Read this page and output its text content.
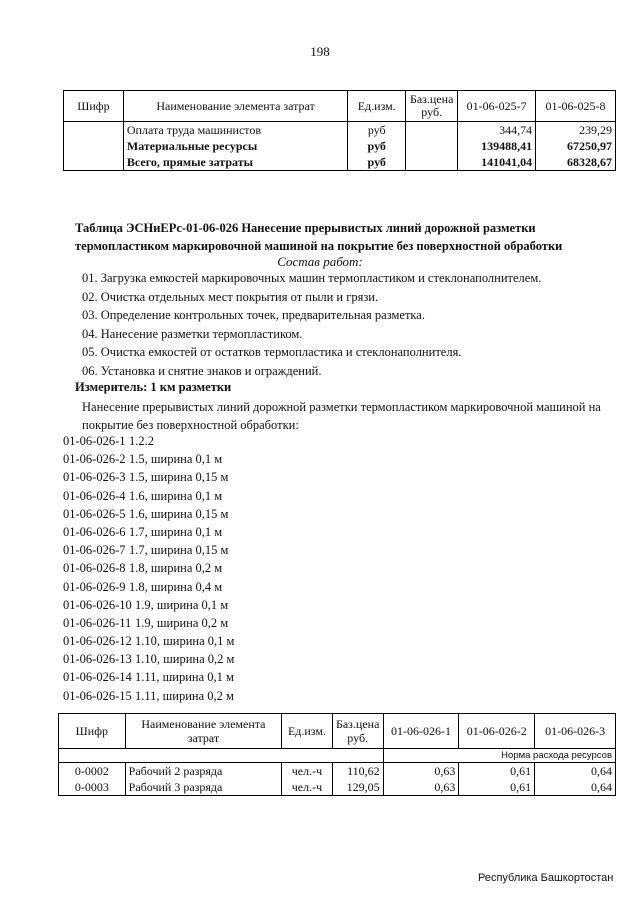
198
Шифр	Наименование элемента затрат	Ед.изм.	Баз.цена руб.	01-06-025-7	01-06-025-8
	Оплата труда машинистов	руб		344,74	239,29
	Материальные ресурсы	руб		139488,41	67250,97
	Всего, прямые затраты	руб		141041,04	68328,67
Таблица ЭСНиЕРс-01-06-026 Нанесение прерывистых линий дорожной разметки термопластиком маркировочной машиной на покрытие без поверхностной обработки
Состав работ:
01. Загрузка емкостей маркировочных машин термопластиком и стеклонаполнителем.
02. Очистка отдельных мест покрытия от пыли и грязи.
03. Определение контрольных точек, предварительная разметка.
04. Нанесение разметки термопластиком.
05. Очистка емкостей от остатков термопластика и стеклонаполнителя.
06. Установка и снятие знаков и ограждений.
Измеритель: 1 км разметки
Нанесение прерывистых линий дорожной разметки термопластиком маркировочной машиной на покрытие без поверхностной обработки:
01-06-026-1 1.2.2
01-06-026-2 1.5, ширина 0,1 м
01-06-026-3 1.5, ширина 0,15 м
01-06-026-4 1.6, ширина 0,1 м
01-06-026-5 1.6, ширина 0,15 м
01-06-026-6 1.7, ширина 0,1 м
01-06-026-7 1.7, ширина 0,15 м
01-06-026-8 1.8, ширина 0,2 м
01-06-026-9 1.8, ширина 0,4 м
01-06-026-10 1.9, ширина 0,1 м
01-06-026-11 1.9, ширина 0,2 м
01-06-026-12 1.10, ширина 0,1 м
01-06-026-13 1.10, ширина 0,2 м
01-06-026-14 1.11, ширина 0,1 м
01-06-026-15 1.11, ширина 0,2 м
Шифр	Наименование элемента затрат	Ед.изм.	Баз.цена руб.	01-06-026-1	01-06-026-2	01-06-026-3
				Норма расхода ресурсов		
0-0002	Рабочий 2 разряда	чел.-ч	110,62	0,63	0,61	0,64
0-0003	Рабочий 3 разряда	чел.-ч	129,05	0,63	0,61	0,64
Республика Башкортостан
